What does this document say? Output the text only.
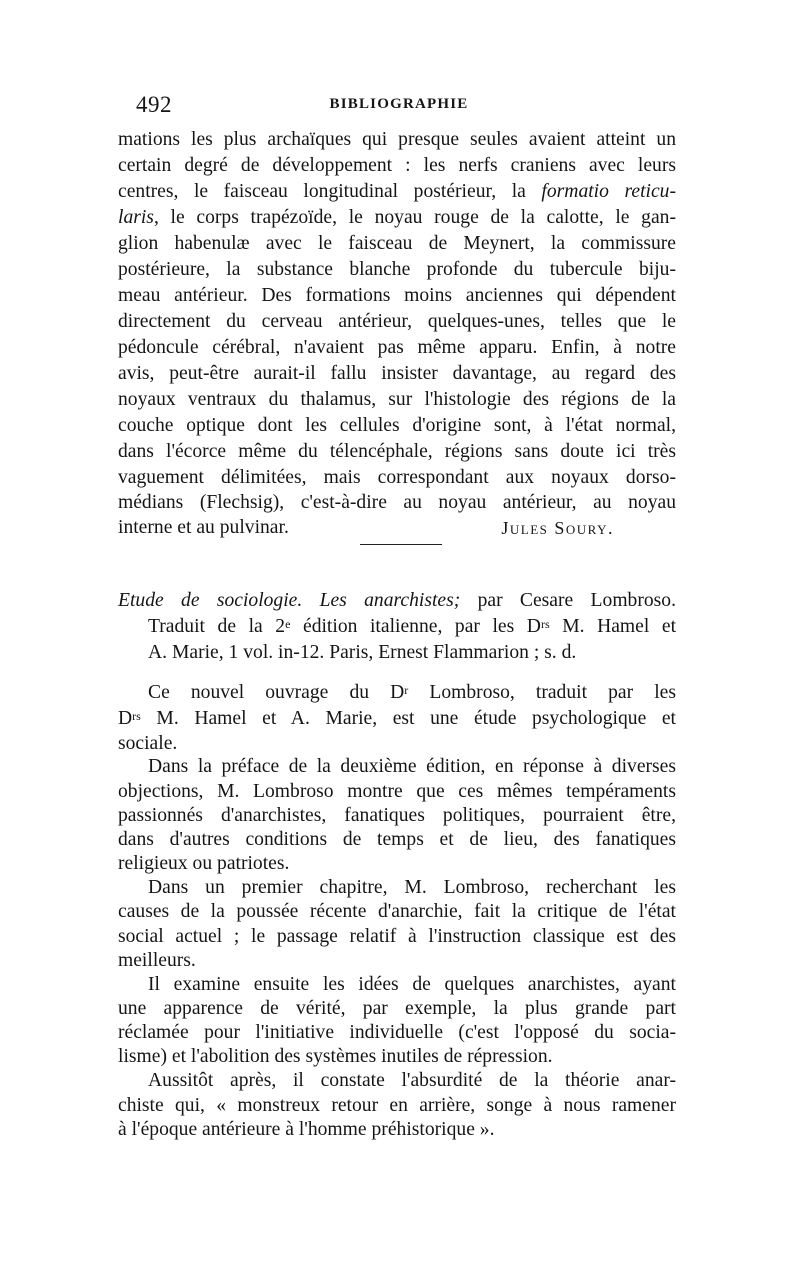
492	BIBLIOGRAPHIE
mations les plus archaïques qui presque seules avaient atteint un
certain degré de développement : les nerfs craniens avec leurs
centres, le faisceau longitudinal postérieur, la formatio reticu-
laris, le corps trapézoïde, le noyau rouge de la calotte, le gan-
glion habenulæ avec le faisceau de Meynert, la commissure
postérieure, la substance blanche profonde du tubercule biju-
meau antérieur. Des formations moins anciennes qui dépendent
directement du cerveau antérieur, quelques-unes, telles que le
pédoncule cérébral, n'avaient pas même apparu. Enfin, à notre
avis, peut-être aurait-il fallu insister davantage, au regard des
noyaux ventraux du thalamus, sur l'histologie des régions de la
couche optique dont les cellules d'origine sont, à l'état normal,
dans l'écorce même du télencéphale, régions sans doute ici très
vaguement délimitées, mais correspondant aux noyaux dorso-
médians (Flechsig), c'est-à-dire au noyau antérieur, au noyau
interne et au pulvinar.	Jules Soury.
Etude de sociologie. Les anarchistes; par Cesare Lombroso.
Traduit de la 2e édition italienne, par les $D^{rs}$ M. Hamel et
A. Marie, 1 vol. in-12. Paris, Ernest Flammarion ; s. d.
Ce nouvel ouvrage du $D^r$ Lombroso, traduit par les
$D^{rs}$ M. Hamel et A. Marie, est une étude psychologique et
sociale.
Dans la préface de la deuxième édition, en réponse à diverses
objections, M. Lombroso montre que ces mêmes tempéraments
passionnés d'anarchistes, fanatiques politiques, pourraient être,
dans d'autres conditions de temps et de lieu, des fanatiques
religieux ou patriotes.
Dans un premier chapitre, M. Lombroso, recherchant les
causes de la poussée récente d'anarchie, fait la critique de l'état
social actuel ; le passage relatif à l'instruction classique est des
meilleurs.
Il examine ensuite les idées de quelques anarchistes, ayant
une apparence de vérité, par exemple, la plus grande part
réclamée pour l'initiative individuelle (c'est l'opposé du socia-
lisme) et l'abolition des systèmes inutiles de répression.
Aussitôt après, il constate l'absurdité de la théorie anar-
chiste qui, « monstreux retour en arrière, songe à nous ramener
à l'époque antérieure à l'homme préhistorique ».
